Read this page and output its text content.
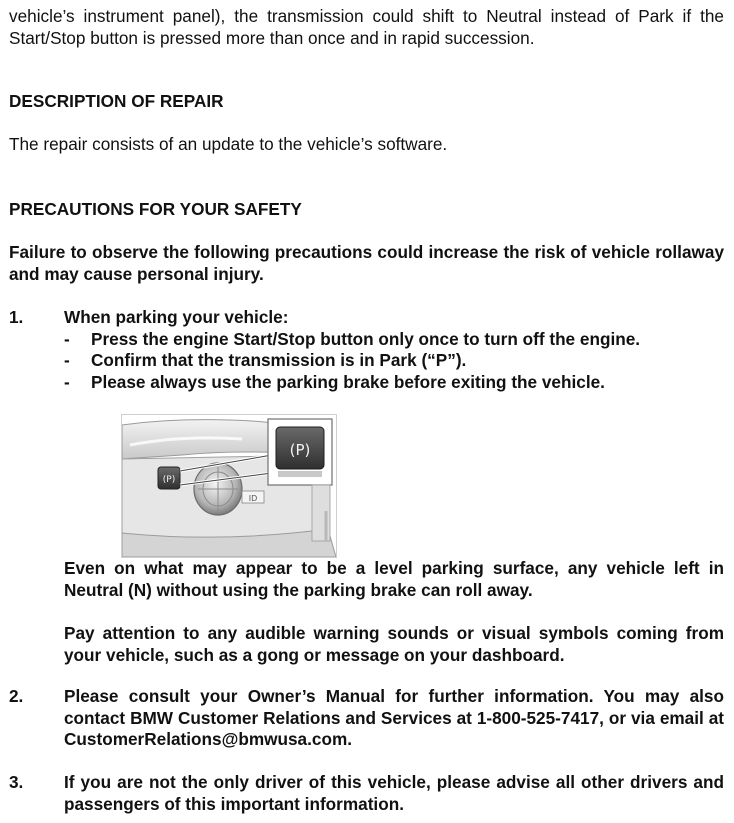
vehicle’s instrument panel), the transmission could shift to Neutral instead of Park if the Start/Stop button is pressed more than once and in rapid succession.

DESCRIPTION OF REPAIR

The repair consists of an update to the vehicle’s software.

PRECAUTIONS FOR YOUR SAFETY

Failure to observe the following precautions could increase the risk of vehicle rollaway and may cause personal injury.

1. When parking your vehicle:
- Press the engine Start/Stop button only once to turn off the engine.
- Confirm that the transmission is in Park (“P”).
- Please always use the parking brake before exiting the vehicle.
(P)
ID
(P)

Even on what may appear to be a level parking surface, any vehicle left in Neutral (N) without using the parking brake can roll away.

Pay attention to any audible warning sounds or visual symbols coming from your vehicle, such as a gong or message on your dashboard.

2. Please consult your Owner’s Manual for further information. You may also contact BMW Customer Relations and Services at 1-800-525-7417, or via email at CustomerRelations@bmwusa.com.
3. If you are not the only driver of this vehicle, please advise all other drivers and passengers of this important information.
